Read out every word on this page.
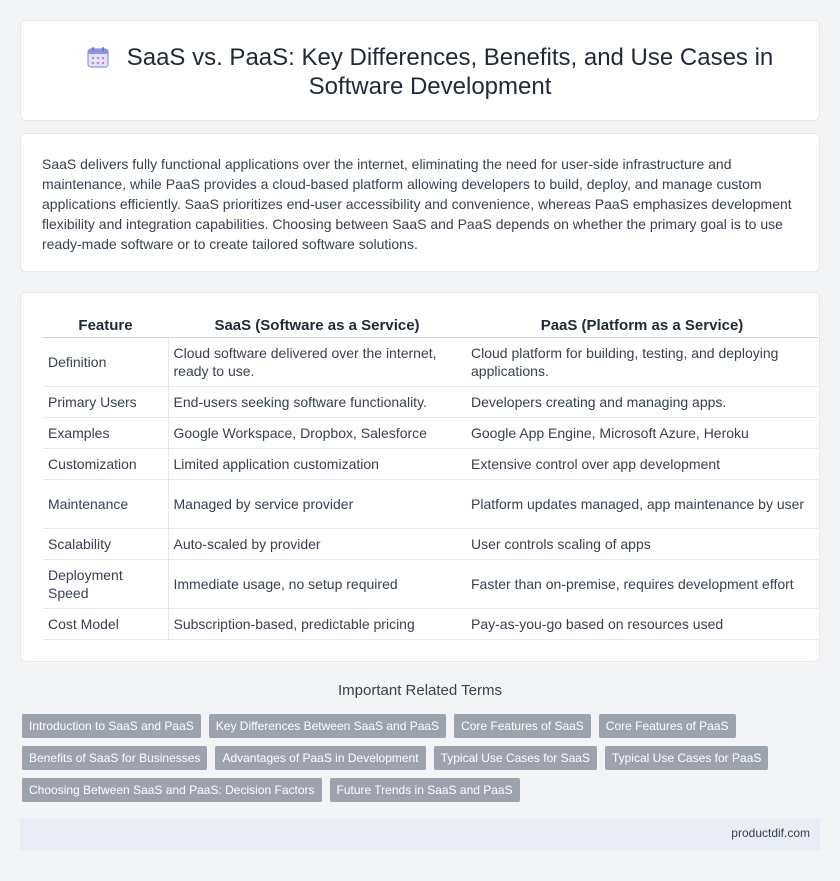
SaaS vs. PaaS: Key Differences, Benefits, and Use Cases in Software Development

SaaS delivers fully functional applications over the internet, eliminating the need for user-side infrastructure and maintenance, while PaaS provides a cloud-based platform allowing developers to build, deploy, and manage custom applications efficiently. SaaS prioritizes end-user accessibility and convenience, whereas PaaS emphasizes development flexibility and integration capabilities. Choosing between SaaS and PaaS depends on whether the primary goal is to use ready-made software or to create tailored software solutions.

Feature	SaaS (Software as a Service)	PaaS (Platform as a Service)
Definition	Cloud software delivered over the internet, ready to use.	Cloud platform for building, testing, and deploying applications.
Primary Users	End-users seeking software functionality.	Developers creating and managing apps.
Examples	Google Workspace, Dropbox, Salesforce	Google App Engine, Microsoft Azure, Heroku
Customization	Limited application customization	Extensive control over app development
Maintenance	Managed by service provider	Platform updates managed, app maintenance by user
Scalability	Auto-scaled by provider	User controls scaling of apps
Deployment Speed	Immediate usage, no setup required	Faster than on-premise, requires development effort
Cost Model	Subscription-based, predictable pricing	Pay-as-you-go based on resources used
Important Related Terms
Introduction to SaaS and PaaS	Key Differences Between SaaS and PaaS	Core Features of SaaS	Core Features of PaaS
Benefits of SaaS for Businesses	Advantages of PaaS in Development	Typical Use Cases for SaaS	Typical Use Cases for PaaS
Choosing Between SaaS and PaaS: Decision Factors	Future Trends in SaaS and PaaS
productdif.com
